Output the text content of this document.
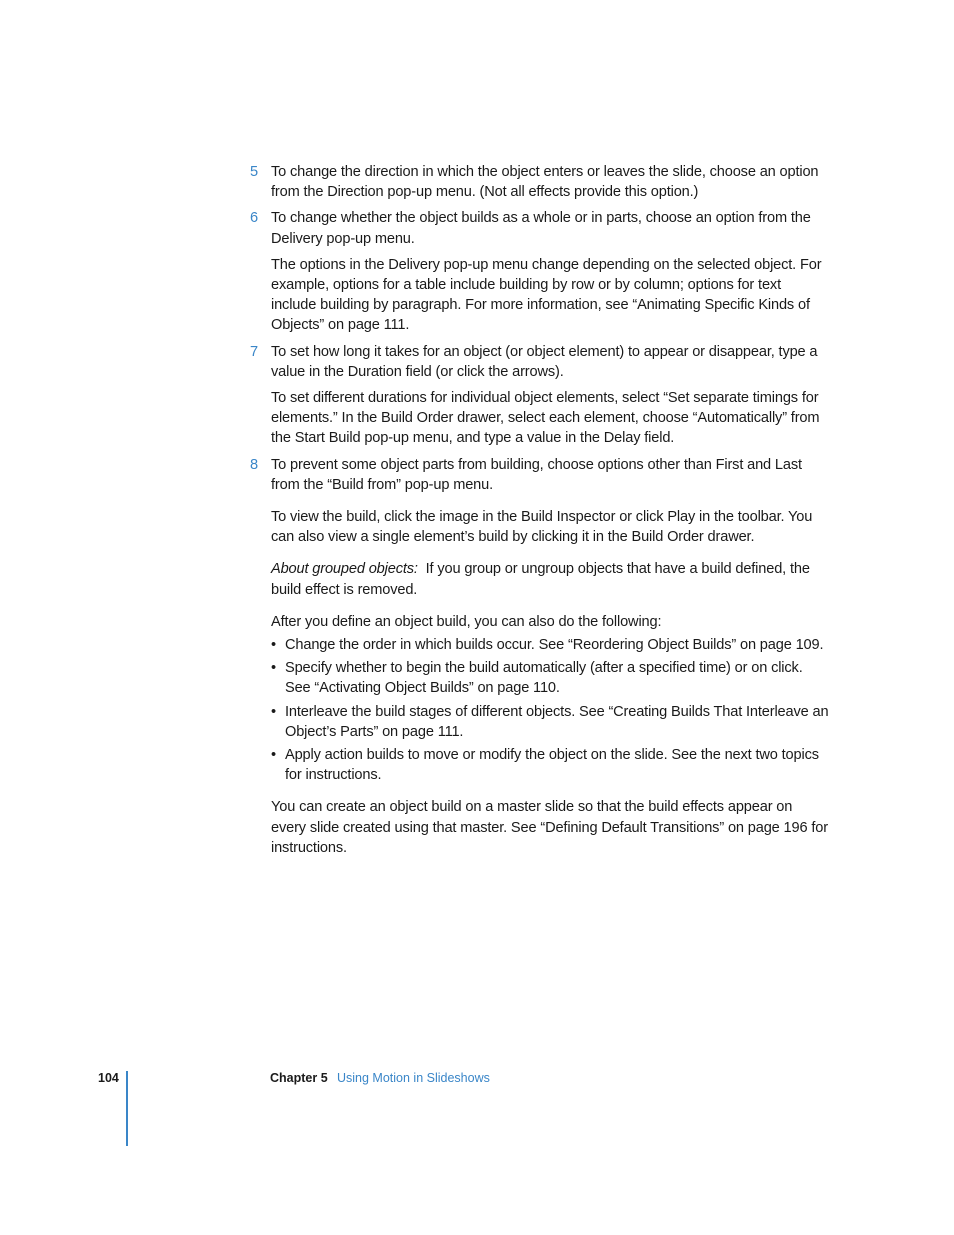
5 To change the direction in which the object enters or leaves the slide, choose an option from the Direction pop-up menu. (Not all effects provide this option.)
6 To change whether the object builds as a whole or in parts, choose an option from the Delivery pop-up menu.

The options in the Delivery pop-up menu change depending on the selected object. For example, options for a table include building by row or by column; options for text include building by paragraph. For more information, see “Animating Specific Kinds of Objects” on page 111.

7 To set how long it takes for an object (or object element) to appear or disappear, type a value in the Duration field (or click the arrows).

To set different durations for individual object elements, select “Set separate timings for elements.” In the Build Order drawer, select each element, choose “Automatically” from the Start Build pop-up menu, and type a value in the Delay field.

8 To prevent some object parts from building, choose options other than First and Last from the “Build from” pop-up menu.

To view the build, click the image in the Build Inspector or click Play in the toolbar. You can also view a single element’s build by clicking it in the Build Order drawer.

About grouped objects: If you group or ungroup objects that have a build defined, the build effect is removed.

After you define an object build, you can also do the following:

• Change the order in which builds occur. See “Reordering Object Builds” on page 109.
• Specify whether to begin the build automatically (after a specified time) or on click. See “Activating Object Builds” on page 110.
• Interleave the build stages of different objects. See “Creating Builds That Interleave an Object’s Parts” on page 111.
• Apply action builds to move or modify the object on the slide. See the next two topics for instructions.

You can create an object build on a master slide so that the build effects appear on every slide created using that master. See “Defining Default Transitions” on page 196 for instructions.

104	Chapter 5 Using Motion in Slideshows
